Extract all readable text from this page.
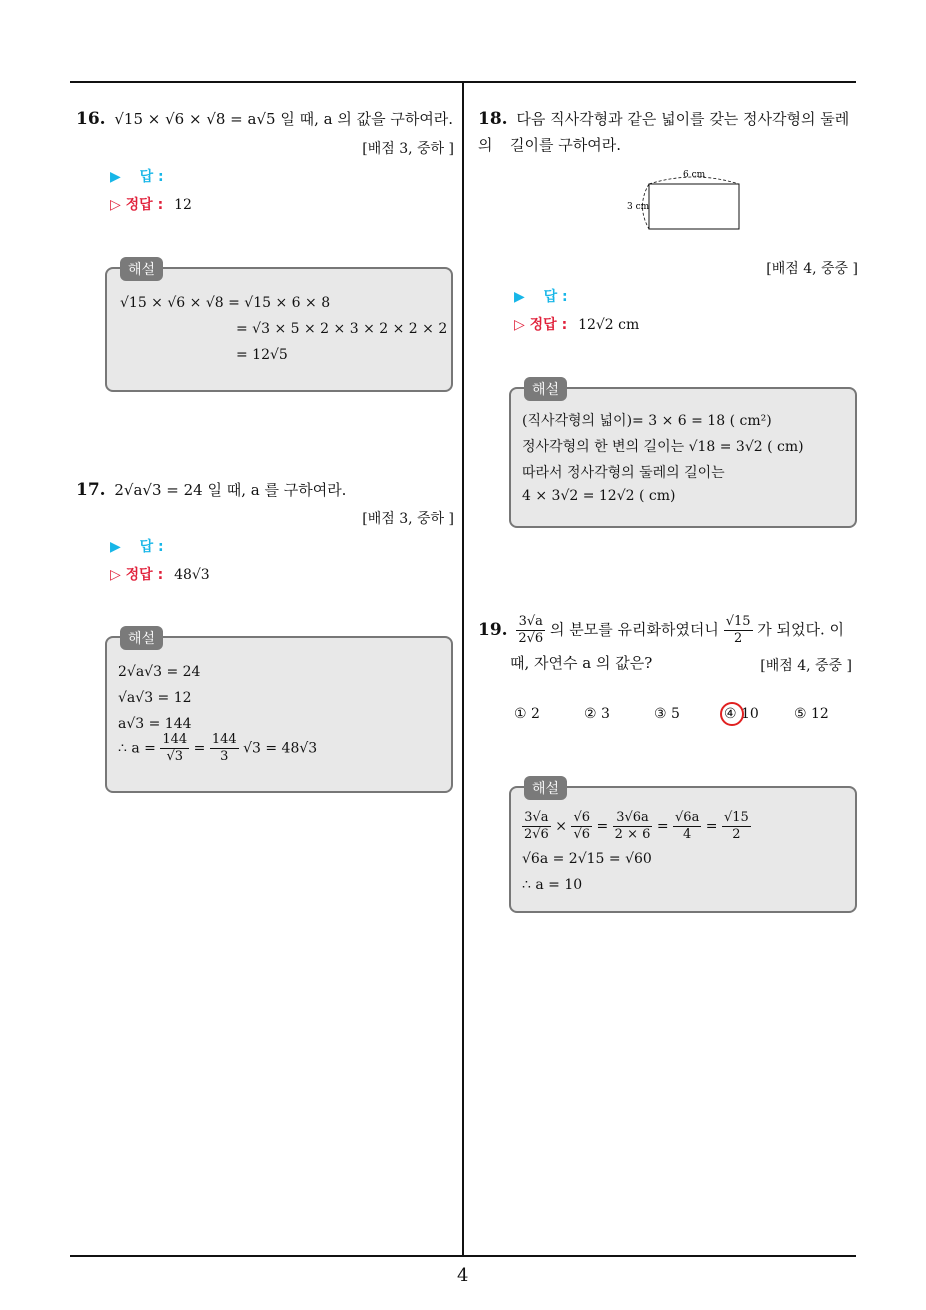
16. √15 × √6 × √8 = a√5 일 때, a 의 값을 구하여라.
[배점 3, 중하 ]
▶ 답 :
▷ 정답 : 12
해설
√15 × √6 × √8 = √15 × 6 × 8
= √3 × 5 × 2 × 3 × 2 × 2 × 2
= 12√5
17. 2√a√3 = 24 일 때, a 를 구하여라.
[배점 3, 중하 ]
▶ 답 :
▷ 정답 : 48√3
해설
2√a√3 = 24
√a√3 = 12
a√3 = 144
∴ $a = \frac{144}{√3} = \frac{144}{3} √3 = 48√3$
18. 다음 직사각형과 같은 넓이를 갖는 정사각형의 둘레의	길이를 구하여라.
6 cm
3 cm
[배점 4, 중중 ]
▶ 답 :
▷ 정답 : 12√2 cm
해설
(직사각형의 넓이)= 3 × 6 = 18 ( cm²)
정사각형의 한 변의 길이는 √18 = 3√2 ( cm)
따라서 정사각형의 둘레의 길이는
4 × 3√2 = 12√2 ( cm)
19. $\frac{3√a}{2√6}$ 의 분모를 유리화하였더니 $\frac{√15}{2}$ 가 되었다. 이
때, 자연수 a 의 값은?	[배점 4, 중중 ]
① 2	② 3	③ 5	④ 10	⑤ 12
해설
$\frac{3√a}{2√6} \times \frac{√6}{√6} = \frac{3√6a}{2 \times 6} = \frac{√6a}{4} = \frac{√15}{2}$
√6a = 2√15 = √60
∴ a = 10
4
